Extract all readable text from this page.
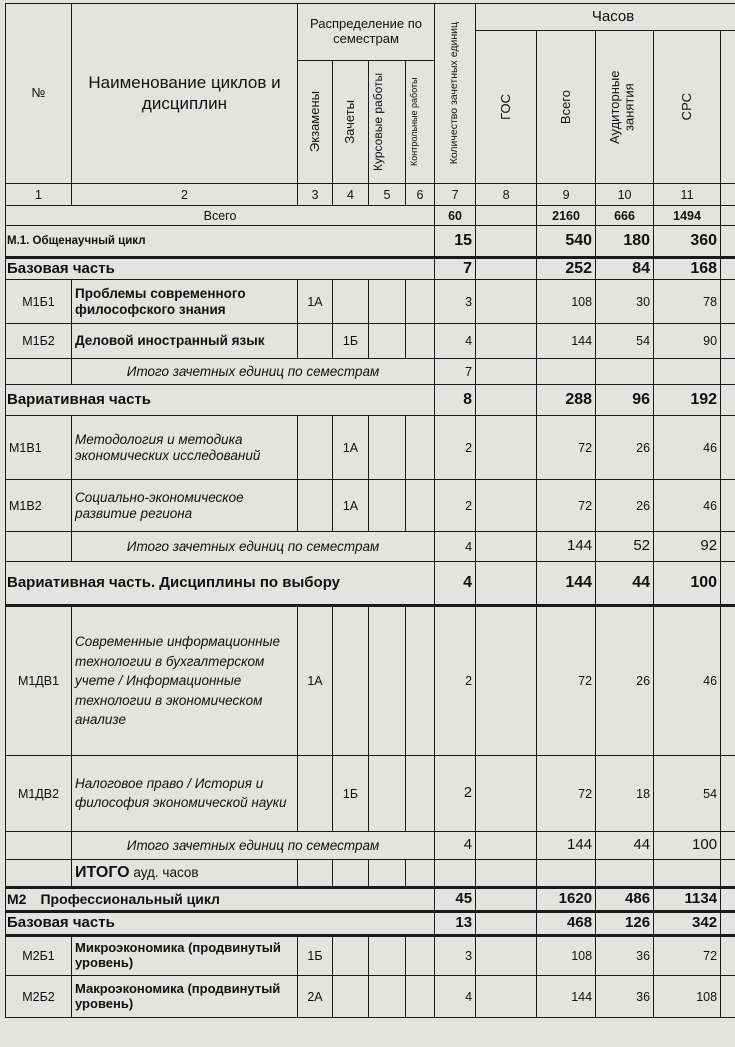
№	Наименование циклов и дисциплин	Распределение по семестрам				Количество зачетных единиц	Часов				

							ГОС	Всего	Аудиторные занятия	СРС	

		Экзамены	Зачеты	Курсовые работы	Контрольные работы						

1	2	3	4	5	6	7	8	9	10	11	
Всего						60		2160	666	1494	
М.1. Общенаучный цикл						15		540	180	360	
Базовая часть						7		252	84	168	
М1Б1	Проблемы современного философского знания	1А				3		108	30	78	
М1Б2	Деловой иностранный язык		1Б			4		144	54	90	
	Итого зачетных единиц по семестрам					7					
Вариативная часть						8		288	96	192	
М1В1	Методология и методика экономических исследований		1А			2		72	26	46	
М1В2	Социально-экономическое развитие региона		1А			2		72	26	46	
	Итого зачетных единиц по семестрам					4		144	52	92	
Вариативная часть. Дисциплины по выбору						4		144	44	100	
М1ДВ1	Современные информационные технологии в бухгалтерском учете / Информационные технологии в экономическом анализе	1А				2		72	26	46	
М1ДВ2	Налоговое право / История и философия экономической науки		1Б			2		72	18	54	
	Итого зачетных единиц по семестрам					4		144	44	100	
	ИТОГО ауд. часов										
М2 Профессиональный цикл						45		1620	486	1134	
Базовая часть						13		468	126	342	
М2Б1	Микроэкономика (продвинутый уровень)	1Б				3		108	36	72	
М2Б2	Макроэкономика (продвинутый уровень)	2А				4		144	36	108	
